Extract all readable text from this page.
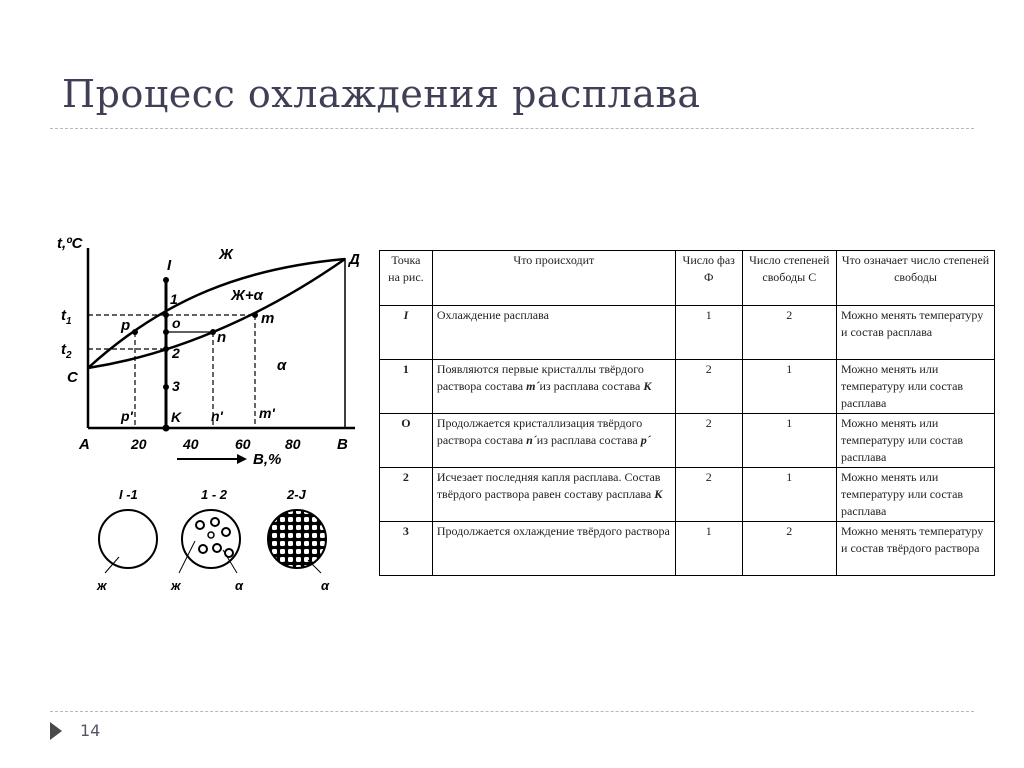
Процесс охлаждения расплава
t,ºC
$t_1$
$t_2$
С
Д
Ж
Ж+α
α
I
1
o
2
3
K
p
n
m
p'	n'	m'
А	В
20	40	60 80
В,%
I -1
ж
1 - 2
ж	α
2-J
α
Точка на рис.	Что происходит	Число фаз Ф	Число степеней свободы С	Что означает число степеней свободы
I	Охлаждение расплава	1	2	Можно менять температуру и состав расплава
1	Появляются первые кристаллы твёрдого раствора состава m´из расплава состава К	2	1	Можно менять или температуру или состав расплава
О	Продолжается кристаллизация твёрдого раствора состава n´из расплава состава p´	2	1	Можно менять или температуру или состав расплава
2	Исчезает последняя капля расплава. Состав твёрдого раствора равен составу расплава К	2	1	Можно менять или температуру или состав расплава
3	Продолжается охлаждение твёрдого раствора	1	2	Можно менять температуру и состав твёрдого раствора
14
